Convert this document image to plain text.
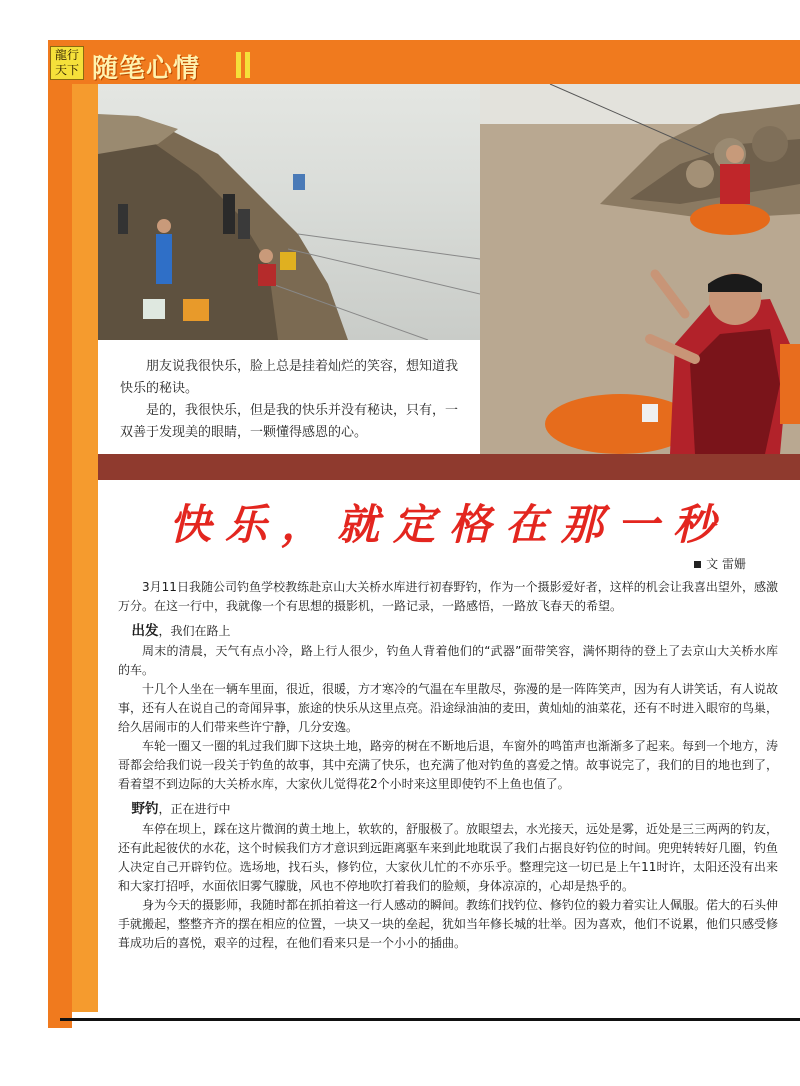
龍行
天下 随笔心情

朋友说我很快乐，脸上总是挂着灿烂的笑容，想知道我快乐的秘诀。

是的，我很快乐，但是我的快乐并没有秘诀，只有，一双善于发现美的眼睛，一颗懂得感恩的心。

快乐，就定格在那一秒
文 雷姗

3月11日我随公司钓鱼学校教练赴京山大关桥水库进行初春野钓，作为一个摄影爱好者，这样的机会让我喜出望外，感激万分。在这一行中，我就像一个有思想的摄影机，一路记录，一路感悟，一路放飞春天的希望。

出发，我们在路上

周末的清晨，天气有点小冷，路上行人很少，钓鱼人背着他们的“武器”面带笑容，满怀期待的登上了去京山大关桥水库的车。

十几个人坐在一辆车里面，很近，很暖，方才寒冷的气温在车里散尽，弥漫的是一阵阵笑声，因为有人讲笑话，有人说故事，还有人在说自己的奇闻异事，旅途的快乐从这里点亮。沿途绿油油的麦田，黄灿灿的油菜花，还有不时进入眼帘的鸟巢，给久居闹市的人们带来些许宁静，几分安逸。

车轮一圈又一圈的轧过我们脚下这块土地，路旁的树在不断地后退，车窗外的鸣笛声也渐渐多了起来。每到一个地方，涛哥都会给我们说一段关于钓鱼的故事，其中充满了快乐，也充满了他对钓鱼的喜爱之情。故事说完了，我们的目的地也到了，看着望不到边际的大关桥水库，大家伙儿觉得花2个小时来这里即使钓不上鱼也值了。

野钓，正在进行中

车停在坝上，踩在这片微润的黄土地上，软软的，舒服极了。放眼望去，水光接天，远处是雾，近处是三三两两的钓友，还有此起彼伏的水花，这个时候我们方才意识到远距离驱车来到此地耽误了我们占据良好钓位的时间。兜兜转转好几圈，钓鱼人决定自己开辟钓位。选场地，找石头，修钓位，大家伙儿忙的不亦乐乎。整理完这一切已是上午11时许，太阳还没有出来和大家打招呼，水面依旧雾气朦胧，风也不停地吹打着我们的脸颊，身体凉凉的，心却是热乎的。

身为今天的摄影师，我随时都在抓拍着这一行人感动的瞬间。教练们找钓位、修钓位的毅力着实让人佩服。偌大的石头伸手就搬起，整整齐齐的摆在相应的位置，一块又一块的垒起，犹如当年修长城的壮举。因为喜欢，他们不说累，他们只感受修葺成功后的喜悦，艰辛的过程，在他们看来只是一个小小的插曲。
